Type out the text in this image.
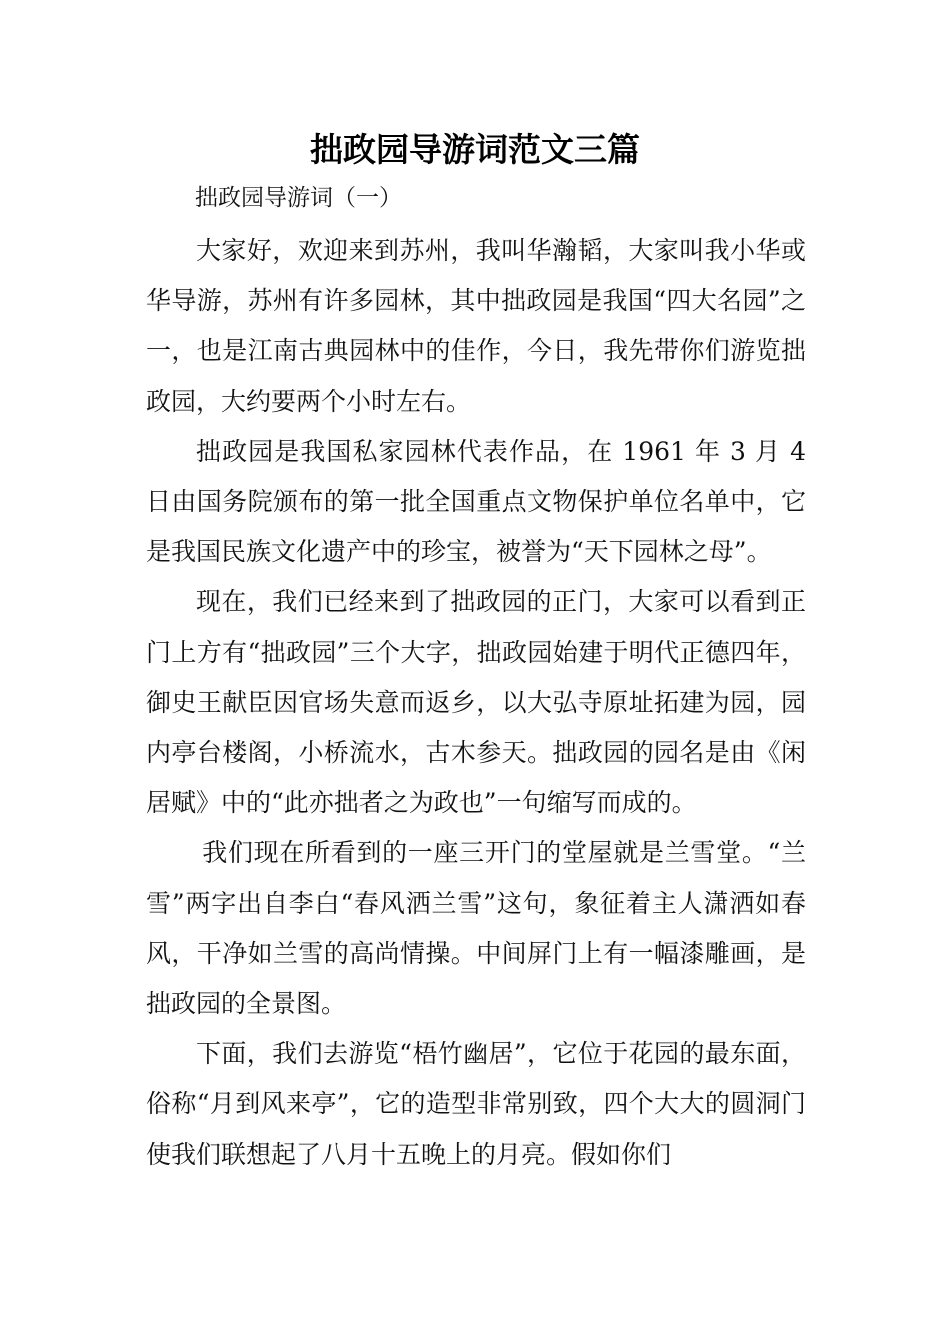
拙政园导游词范文三篇

拙政园导游词（一）

大家好，欢迎来到苏州，我叫华瀚韬，大家叫我小华或华导游，苏州有许多园林，其中拙政园是我国“四大名园”之一，也是江南古典园林中的佳作，今日，我先带你们游览拙政园，大约要两个小时左右。

拙政园是我国私家园林代表作品，在 1961 年 3 月 4 日由国务院颁布的第一批全国重点文物保护单位名单中，它是我国民族文化遗产中的珍宝，被誉为“天下园林之母”。

现在，我们已经来到了拙政园的正门，大家可以看到正门上方有“拙政园”三个大字，拙政园始建于明代正德四年，御史王献臣因官场失意而返乡，以大弘寺原址拓建为园，园内亭台楼阁，小桥流水，古木参天。拙政园的园名是由《闲居赋》中的“此亦拙者之为政也”一句缩写而成的。

我们现在所看到的一座三开门的堂屋就是兰雪堂。“兰雪”两字出自李白“春风洒兰雪”这句，象征着主人潇洒如春风，干净如兰雪的高尚情操。中间屏门上有一幅漆雕画，是拙政园的全景图。

下面，我们去游览“梧竹幽居”，它位于花园的最东面，俗称“月到风来亭”，它的造型非常别致，四个大大的圆洞门使我们联想起了八月十五晚上的月亮。假如你们
